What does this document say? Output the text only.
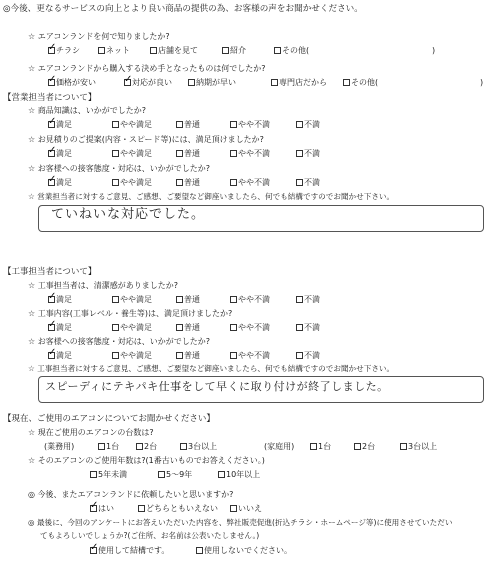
◎今後、更なるサービスの向上とより良い商品の提供の為、お客様の声をお聞かせください。
☆ エアコンランドを何で知りましたか?
✓チラシ	ネット	店舗を見て	紹介	その他(	)
☆ エアコンランドから購入する決め手となったものは何でしたか?
✓価格が安い
✓	対応が良い	納期が早い	専門店だから	その他(	)
【営業担当者について】
☆ 商品知識は、いかがでしたか?
✓満足	やや満足	普通	やや不満	不満
☆ お見積りのご提案(内容・スピード等)には、満足頂けましたか?
✓満足	やや満足	普通	やや不満	不満
☆ お客様への接客態度・対応は、いかがでしたか?
✓満足	やや満足	普通	やや不満	不満
☆ 営業担当者に対するご意見、ご感想、ご要望など御座いましたら、何でも結構ですのでお聞かせ下さい。
ていねいな対応でした。
【工事担当者について】
☆ 工事担当者は、清潔感がありましたか?
✓満足	やや満足	普通	やや不満	不満
☆ 工事内容(工事レベル・養生等)は、満足頂けましたか?
✓満足	やや満足	普通	やや不満	不満
☆ お客様への接客態度・対応は、いかがでしたか?
✓満足	やや満足	普通	やや不満	不満
☆ 工事担当者に対するご意見、ご感想、ご要望など御座いましたら、何でも結構ですのでお聞かせ下さい。
スピーディにテキパキ仕事をして早くに取り付けが終了しました。
【現在、ご使用のエアコンについてお聞かせください】
☆ 現在ご使用のエアコンの台数は?
(業務用)	1台	2台	3台以上	(家庭用)	1台	2台	3台以上
☆ そのエアコンのご使用年数は?(1番古いものでお答えください。)
5年未満	5〜9年	10年以上
◎ 今後、またエアコンランドに依頼したいと思いますか?
✓はい	どちらともいえない	いいえ
◎ 最後に、今回のアンケートにお答えいただいた内容を、弊社販売促進(折込チラシ・ホームページ等)に使用させていただい
てもよろしいでしょうか?(ご住所、お名前は公表いたしません。)
✓使用して結構です。	使用しないでください。
